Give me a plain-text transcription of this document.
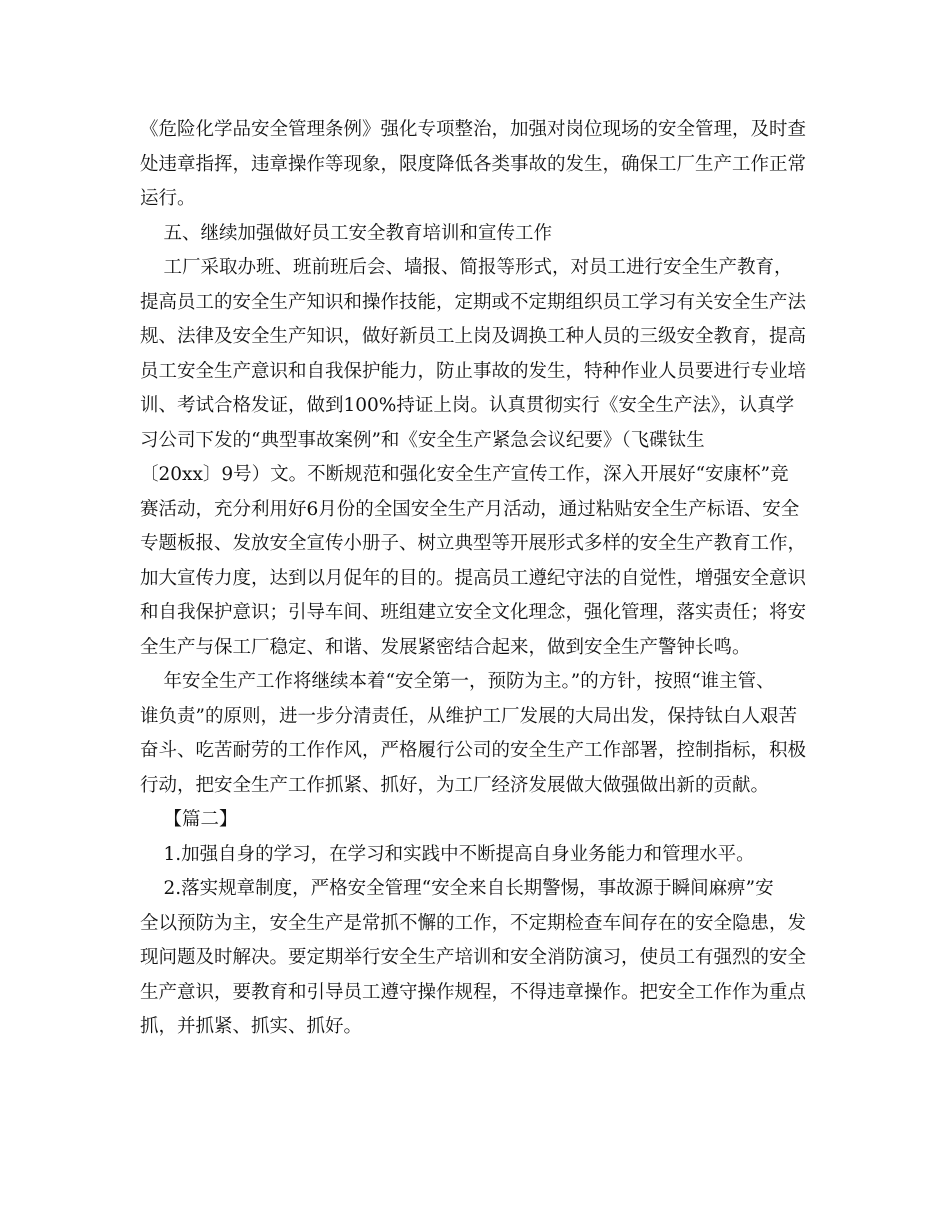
《危险化学品安全管理条例》强化专项整治，加强对岗位现场的安全管理，及时查
处违章指挥，违章操作等现象，限度降低各类事故的发生，确保工厂生产工作正常
运行。
五、继续加强做好员工安全教育培训和宣传工作
工厂采取办班、班前班后会、墙报、简报等形式，对员工进行安全生产教育，
提高员工的安全生产知识和操作技能，定期或不定期组织员工学习有关安全生产法
规、法律及安全生产知识，做好新员工上岗及调换工种人员的三级安全教育，提高
员工安全生产意识和自我保护能力，防止事故的发生，特种作业人员要进行专业培
训、考试合格发证，做到100%持证上岗。认真贯彻实行《安全生产法》，认真学
习公司下发的“典型事故案例”和《安全生产紧急会议纪要》（飞碟钛生
〔20xx〕9号）文。不断规范和强化安全生产宣传工作，深入开展好“安康杯”竞
赛活动，充分利用好6月份的全国安全生产月活动，通过粘贴安全生产标语、安全
专题板报、发放安全宣传小册子、树立典型等开展形式多样的安全生产教育工作，
加大宣传力度，达到以月促年的目的。提高员工遵纪守法的自觉性，增强安全意识
和自我保护意识；引导车间、班组建立安全文化理念，强化管理，落实责任；将安
全生产与保工厂稳定、和谐、发展紧密结合起来，做到安全生产警钟长鸣。
年安全生产工作将继续本着“安全第一，预防为主。”的方针，按照“谁主管、
谁负责”的原则，进一步分清责任，从维护工厂发展的大局出发，保持钛白人艰苦
奋斗、吃苦耐劳的工作作风，严格履行公司的安全生产工作部署，控制指标，积极
行动，把安全生产工作抓紧、抓好，为工厂经济发展做大做强做出新的贡献。
【篇二】
1.加强自身的学习，在学习和实践中不断提高自身业务能力和管理水平。
2.落实规章制度，严格安全管理“安全来自长期警惕，事故源于瞬间麻痹”安
全以预防为主，安全生产是常抓不懈的工作，不定期检查车间存在的安全隐患，发
现问题及时解决。要定期举行安全生产培训和安全消防演习，使员工有强烈的安全
生产意识，要教育和引导员工遵守操作规程，不得违章操作。把安全工作作为重点
抓，并抓紧、抓实、抓好。
